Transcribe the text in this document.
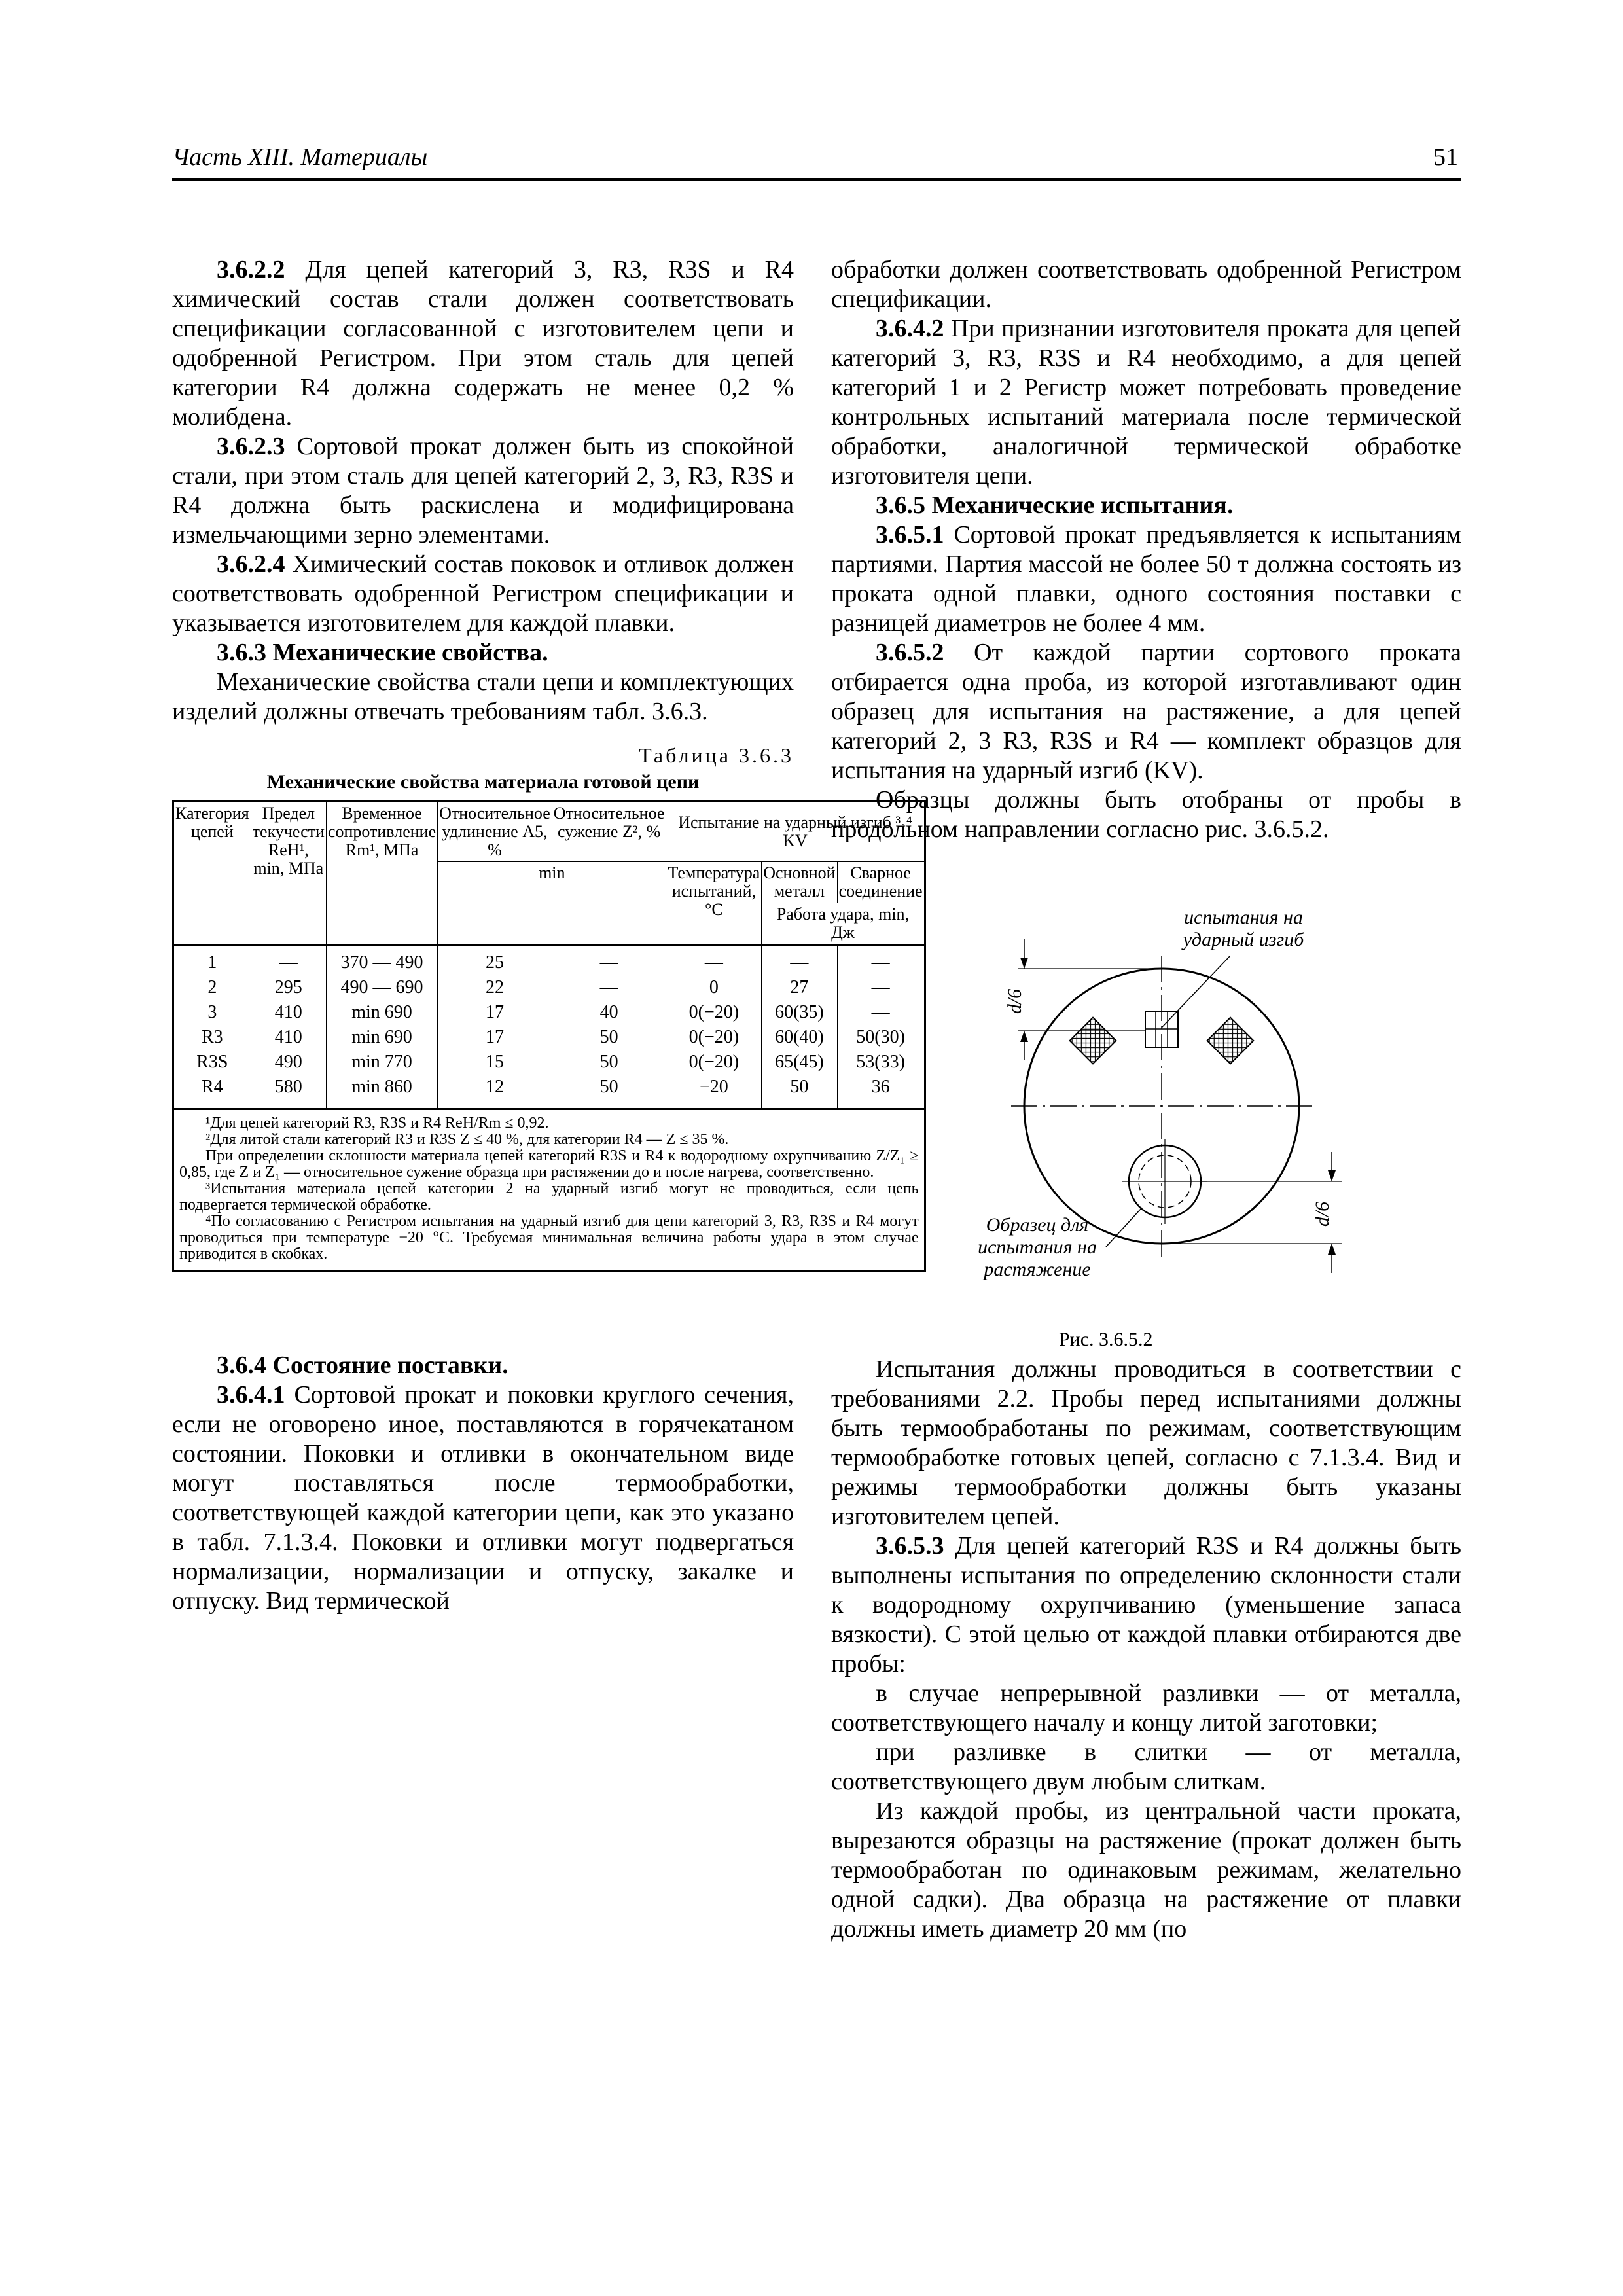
Часть XIII. Материалы	51

3.6.2.2 Для цепей категорий 3, R3, R3S и R4 химический состав стали должен соответствовать спецификации согласованной с изготовителем цепи и одобренной Регистром. При этом сталь для цепей категории R4 должна содержать не менее 0,2 % молибдена.

3.6.2.3 Сортовой прокат должен быть из спокойной стали, при этом сталь для цепей категорий 2, 3, R3, R3S и R4 должна быть раскислена и модифицирована измельчающими зерно элементами.

3.6.2.4 Химический состав поковок и отливок должен соответствовать одобренной Регистром спецификации и указывается изготовителем для каждой плавки.

3.6.3 Механические свойства.

Механические свойства стали цепи и комплектующих изделий должны отвечать требованиям табл. 3.6.3.

Таблица 3.6.3
Механические свойства материала готовой цепи
Категория цепей	Предел текучести ReH¹, min, МПа	Временное сопротивление Rm¹, МПа	Относительное удлинение A5, %	Относительное сужение Z², %	Испытание на ударный изгиб ³˒⁴ KV		
			min		Температура испытаний, °C	Основной металл	Сварное соединение
						Работа удара, min, Дж	
1	—	370 — 490	25	—	—	—	—
2	295	490 — 690	22	—	0	27	—
3	410	min 690	17	40	0(−20)	60(35)	—
R3	410	min 690	17	50	0(−20)	60(40)	50(30)
R3S	490	min 770	15	50	0(−20)	65(45)	53(33)
R4	580	min 860	12	50	−20	50	36

¹Для цепей категорий R3, R3S и R4 ReH/Rm ≤ 0,92.

²Для литой стали категорий R3 и R3S Z ≤ 40 %, для категории R4 — Z ≤ 35 %.

При определении склонности материала цепей категорий R3S и R4 к водородному охрупчиванию Z/Z₁ ≥ 0,85, где Z и Z₁ — относительное сужение образца при растяжении до и после нагрева, соответственно.

³Испытания материала цепей категории 2 на ударный изгиб могут не проводиться, если цепь подвергается термической обработке.

⁴По согласованию с Регистром испытания на ударный изгиб для цепи категорий 3, R3, R3S и R4 могут проводиться при температуре −20 °C. Требуемая минимальная величина работы удара в этом случае приводится в скобках.							

3.6.4 Состояние поставки.

3.6.4.1 Сортовой прокат и поковки круглого сечения, если не оговорено иное, поставляются в горячекатаном состоянии. Поковки и отливки в окончательном виде могут поставляться после термообработки, соответствующей каждой категории цепи, как это указано в табл. 7.1.3.4. Поковки и отливки могут подвергаться нормализации, нормализации и отпуску, закалке и отпуску. Вид термической

обработки должен соответствовать одобренной Регистром спецификации.

3.6.4.2 При признании изготовителя проката для цепей категорий 3, R3, R3S и R4 необходимо, а для цепей категорий 1 и 2 Регистр может потребовать проведение контрольных испытаний материала после термической обработки, аналогичной термической обработке изготовителя цепи.

3.6.5 Механические испытания.

3.6.5.1 Сортовой прокат предъявляется к испытаниям партиями. Партия массой не более 50 т должна состоять из проката одной плавки, одного состояния поставки с разницей диаметров не более 4 мм.

3.6.5.2 От каждой партии сортового проката отбирается одна проба, из которой изготавливают один образец для испытания на растяжение, а для цепей категорий 2, 3 R3, R3S и R4 — комплект образцов для испытания на ударный изгиб (KV).

Образцы должны быть отобраны от пробы в продольном направлении согласно рис. 3.6.5.2.

Испытания должны проводиться в соответствии с требованиями 2.2. Пробы перед испытаниями должны быть термообработаны по режимам, соответствующим термообработке готовых цепей, согласно с 7.1.3.4. Вид и режимы термообработки должны быть указаны изготовителем цепей.

3.6.5.3 Для цепей категорий R3S и R4 должны быть выполнены испытания по определению склонности стали к водородному охрупчиванию (уменьшение запаса вязкости). С этой целью от каждой плавки отбираются две пробы:

в случае непрерывной разливки — от металла, соответствующего началу и концу литой заготовки;

при разливке в слитки — от металла, соответствующего двум любым слиткам.

Из каждой пробы, из центральной части проката, вырезаются образцы на растяжение (прокат должен быть термообработан по одинаковым режимам, желательно одной садки). Два образца на растяжение от плавки должны иметь диаметр 20 мм (по

d/6
d/6
испытания на ударный изгиб
Образец для испытания на растяжение
Рис. 3.6.5.2
